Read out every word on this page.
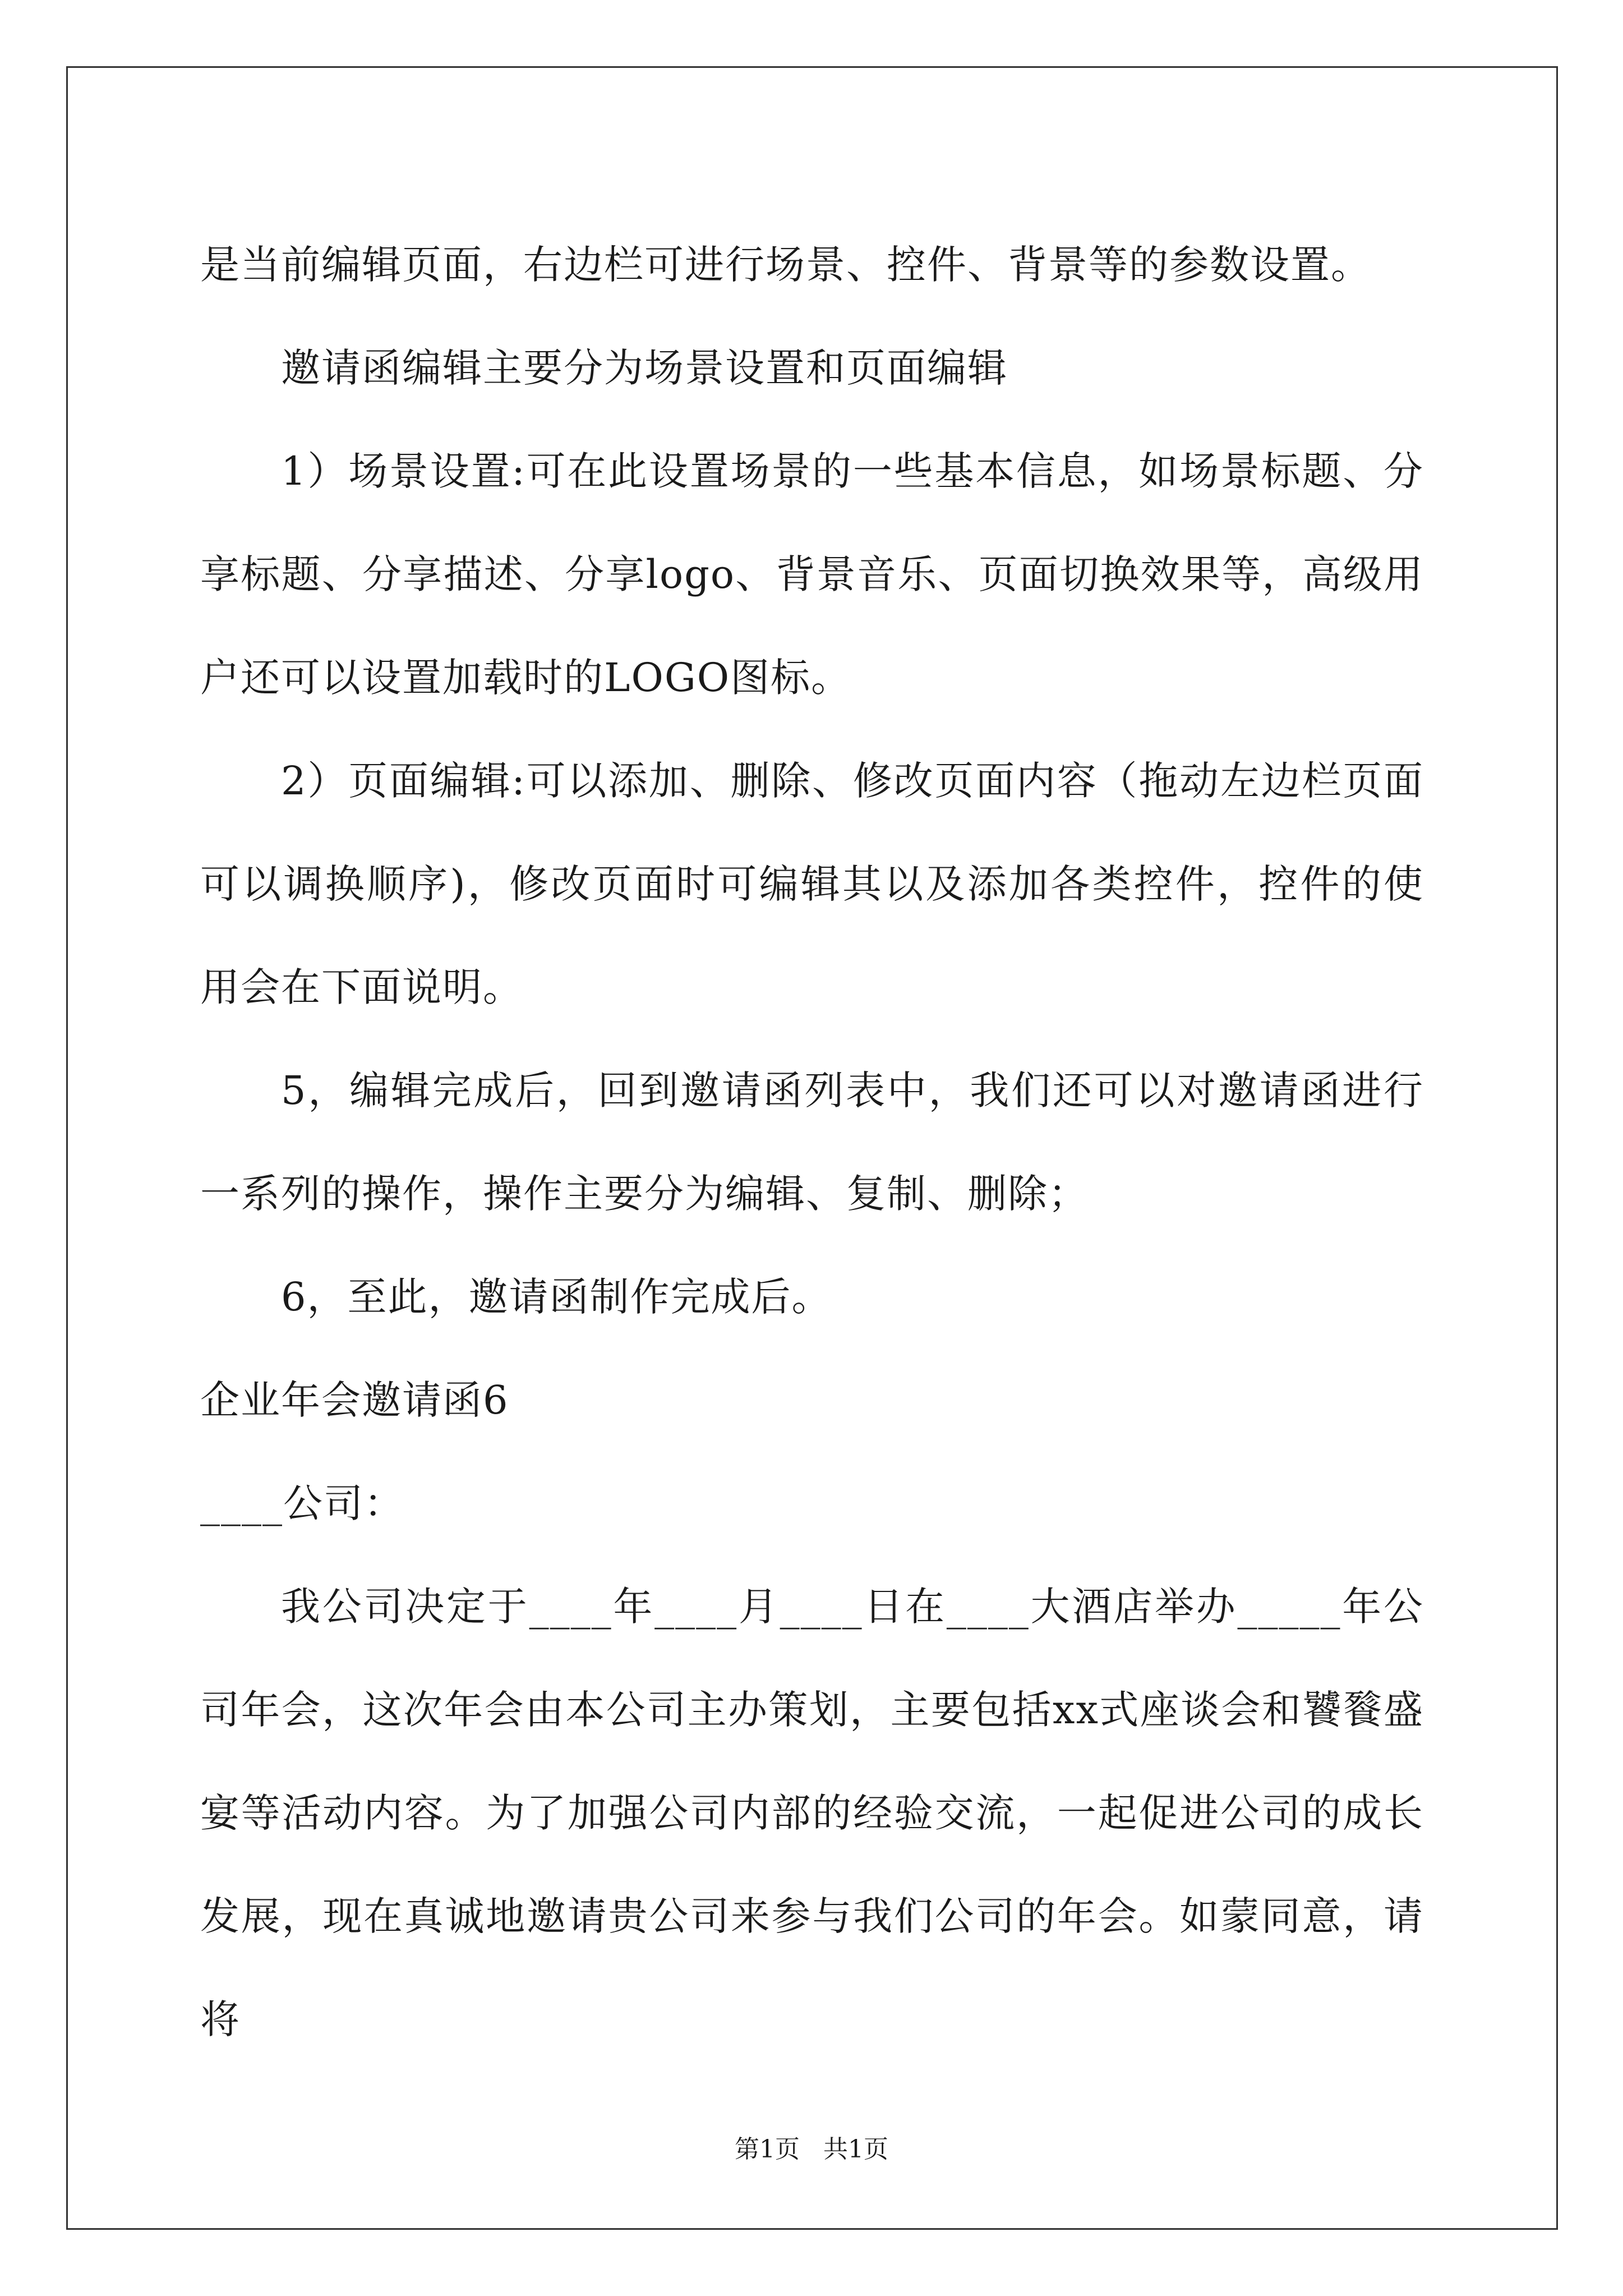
是当前编辑页面，右边栏可进行场景、控件、背景等的参数设置。

邀请函编辑主要分为场景设置和页面编辑

1）场景设置:可在此设置场景的一些基本信息，如场景标题、分享标题、分享描述、分享logo、背景音乐、页面切换效果等，高级用户还可以设置加载时的LOGO图标。

2）页面编辑:可以添加、删除、修改页面内容（拖动左边栏页面可以调换顺序)，修改页面时可编辑其以及添加各类控件，控件的使用会在下面说明。

5，编辑完成后，回到邀请函列表中，我们还可以对邀请函进行一系列的操作，操作主要分为编辑、复制、删除；

6，至此，邀请函制作完成后。

企业年会邀请函6

____公司：

我公司决定于____年____月____日在____大酒店举办_____年公司年会，这次年会由本公司主办策划，主要包括xx式座谈会和饕餮盛宴等活动内容。为了加强公司内部的经验交流，一起促进公司的成长发展，现在真诚地邀请贵公司来参与我们公司的年会。如蒙同意，请将

第1页 共1页
